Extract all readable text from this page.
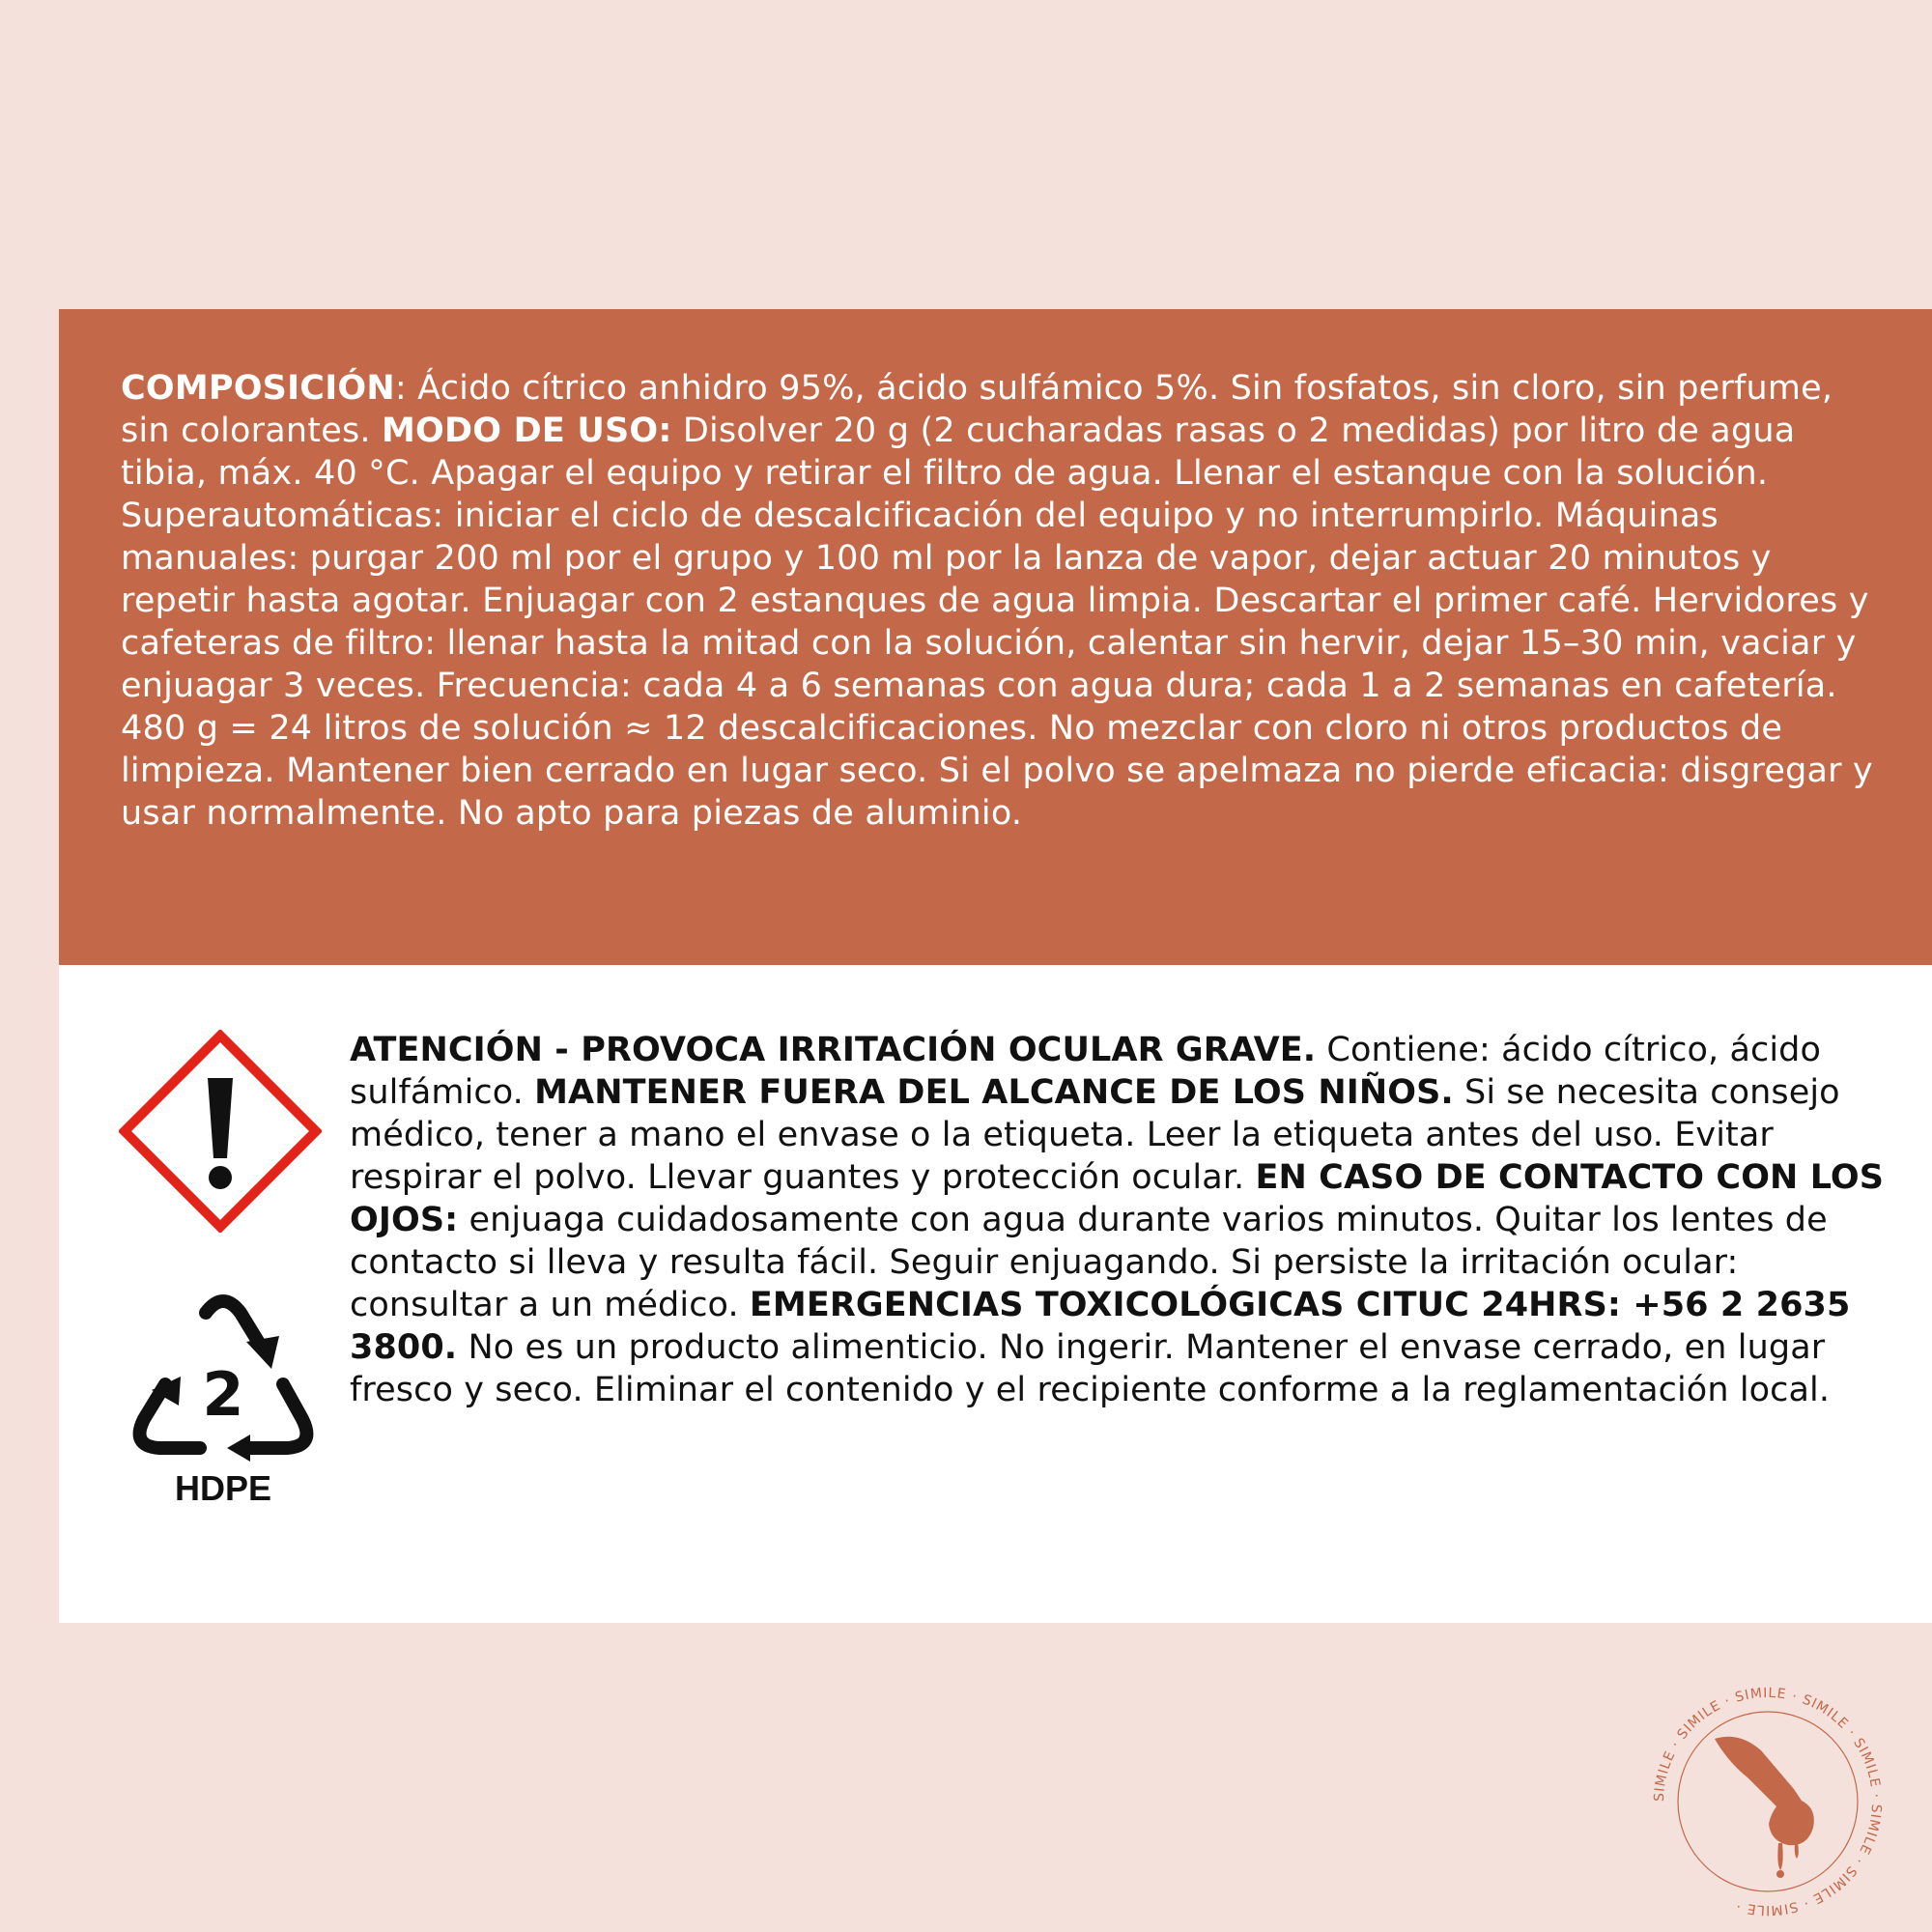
COMPOSICIÓN: Ácido cítrico anhidro 95%, ácido sulfámico 5%. Sin fosfatos, sin cloro, sin perfume, sin colorantes. MODO DE USO: Disolver 20 g (2 cucharadas rasas o 2 medidas) por litro de agua tibia, máx. 40 °C. Apagar el equipo y retirar el filtro de agua. Llenar el estanque con la solución. Superautomáticas: iniciar el ciclo de descalcificación del equipo y no interrumpirlo. Máquinas manuales: purgar 200 ml por el grupo y 100 ml por la lanza de vapor, dejar actuar 20 minutos y repetir hasta agotar. Enjuagar con 2 estanques de agua limpia. Descartar el primer café. Hervidores y cafeteras de filtro: llenar hasta la mitad con la solución, calentar sin hervir, dejar 15–30 min, vaciar y enjuagar 3 veces. Frecuencia: cada 4 a 6 semanas con agua dura; cada 1 a 2 semanas en cafetería. 480 g = 24 litros de solución ≈ 12 descalcificaciones. No mezclar con cloro ni otros productos de limpieza. Mantener bien cerrado en lugar seco. Si el polvo se apelmaza no pierde eficacia: disgregar y usar normalmente. No apto para piezas de aluminio.
2
HDPE
ATENCIÓN - PROVOCA IRRITACIÓN OCULAR GRAVE. Contiene: ácido cítrico, ácido sulfámico. MANTENER FUERA DEL ALCANCE DE LOS NIÑOS. Si se necesita consejo médico, tener a mano el envase o la etiqueta. Leer la etiqueta antes del uso. Evitar respirar el polvo. Llevar guantes y protección ocular. EN CASO DE CONTACTO CON LOS OJOS: enjuaga cuidadosamente con agua durante varios minutos. Quitar los lentes de contacto si lleva y resulta fácil. Seguir enjuagando. Si persiste la irritación ocular: consultar a un médico. EMERGENCIAS TOXICOLÓGICAS CITUC 24HRS: +56 2 2635 3800. No es un producto alimenticio. No ingerir. Mantener el envase cerrado, en lugar fresco y seco. Eliminar el contenido y el recipiente conforme a la reglamentación local.
SIMILE · SIMILE · SIMILE · SIMILE · SIMILE · SIMILE · SIMILE · SIMILE ·
